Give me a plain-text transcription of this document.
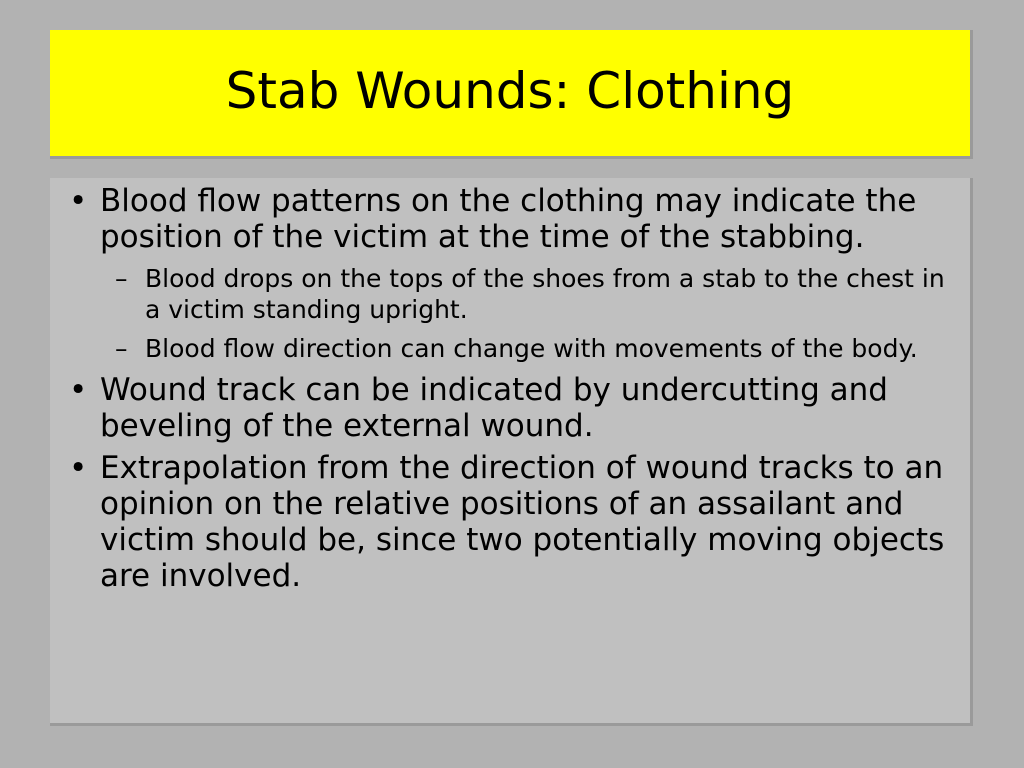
Stab Wounds: Clothing
• Blood flow patterns on the clothing may indicate the position of the victim at the time of the stabbing.
– Blood drops on the tops of the shoes from a stab to the chest in a victim standing upright.
– Blood flow direction can change with movements of the body.
• Wound track can be indicated by undercutting and beveling of the external wound.
• Extrapolation from the direction of wound tracks to an opinion on the relative positions of an assailant and victim should be, since two potentially moving objects are involved.
